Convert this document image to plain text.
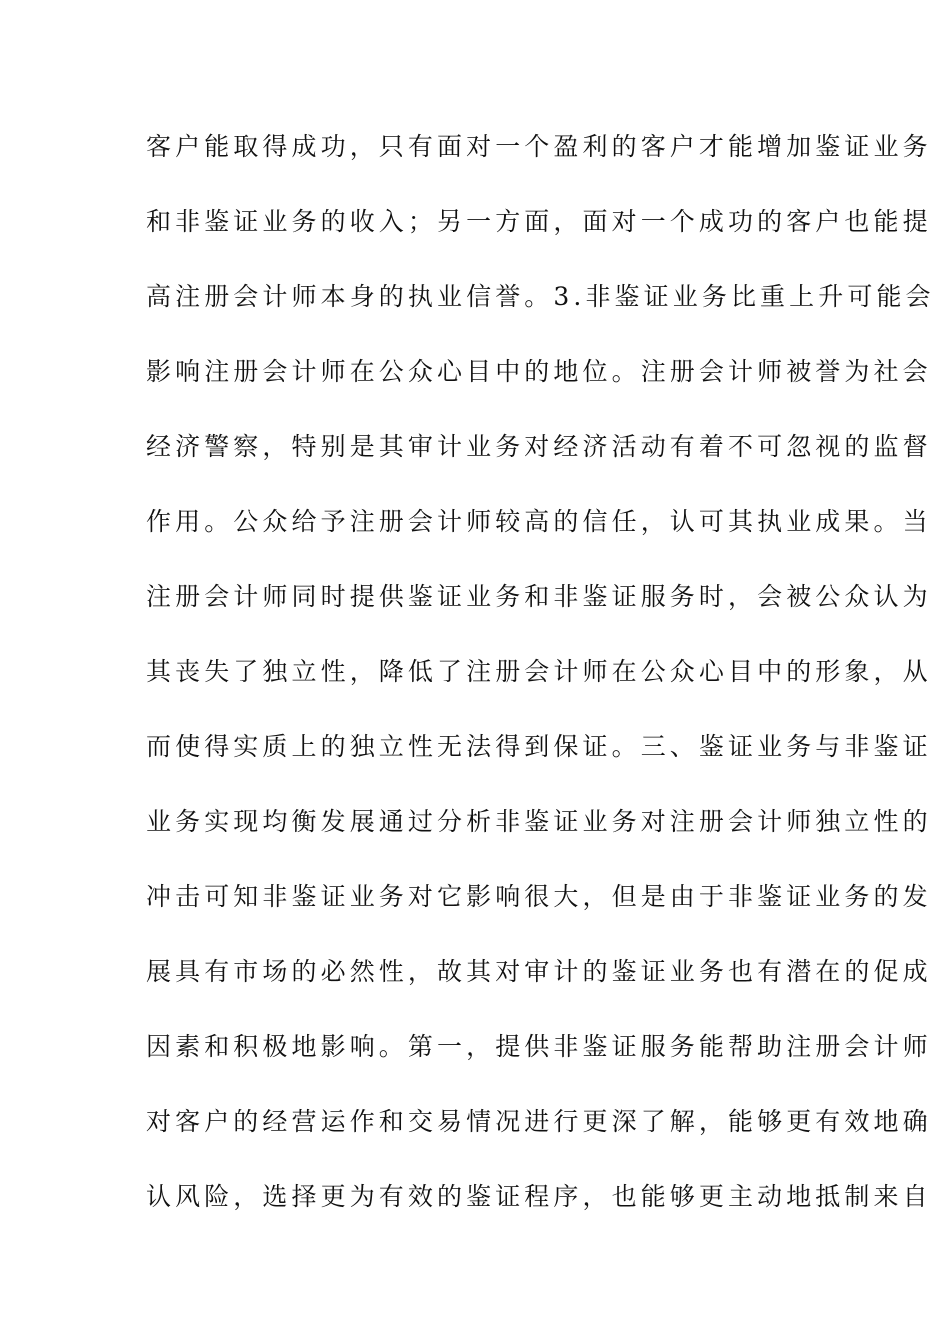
客户能取得成功，只有面对一个盈利的客户才能增加鉴证业务
和非鉴证业务的收入；另一方面，面对一个成功的客户也能提
高注册会计师本身的执业信誉。3.非鉴证业务比重上升可能会
影响注册会计师在公众心目中的地位。注册会计师被誉为社会
经济警察，特别是其审计业务对经济活动有着不可忽视的监督
作用。公众给予注册会计师较高的信任，认可其执业成果。当
注册会计师同时提供鉴证业务和非鉴证服务时，会被公众认为
其丧失了独立性，降低了注册会计师在公众心目中的形象，从
而使得实质上的独立性无法得到保证。三、鉴证业务与非鉴证
业务实现均衡发展通过分析非鉴证业务对注册会计师独立性的
冲击可知非鉴证业务对它影响很大，但是由于非鉴证业务的发
展具有市场的必然性，故其对审计的鉴证业务也有潜在的促成
因素和积极地影响。第一，提供非鉴证服务能帮助注册会计师
对客户的经营运作和交易情况进行更深了解，能够更有效地确
认风险，选择更为有效的鉴证程序，也能够更主动地抵制来自
